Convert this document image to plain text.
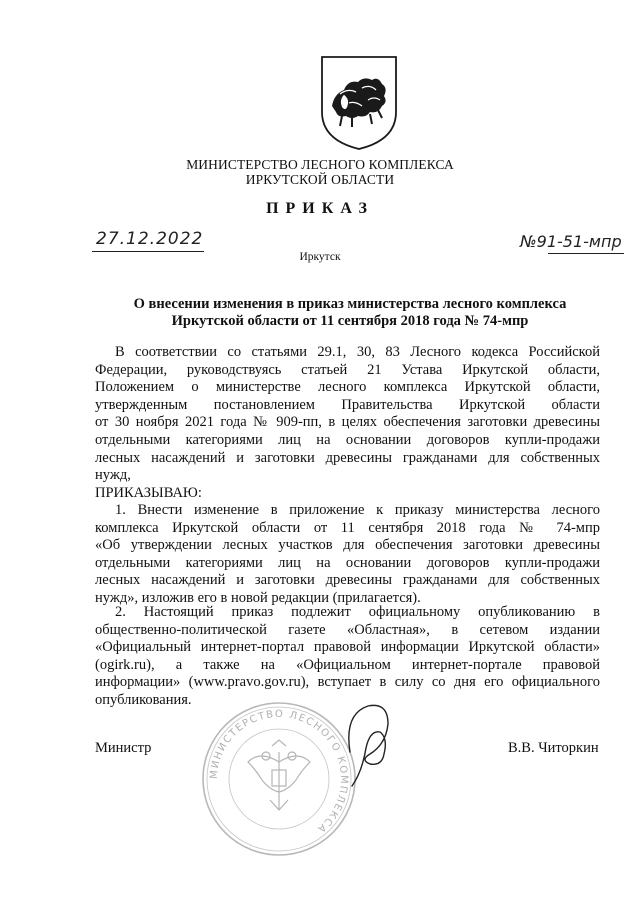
МИНИСТЕРСТВО ЛЕСНОГО КОМПЛЕКСА
ИРКУТСКОЙ ОБЛАСТИ
ПРИКАЗ
27.12.2022	№91-51-мпр
Иркутск
О внесении изменения в приказ министерства лесного комплекса
Иркутской области от 11 сентября 2018 года № 74-мпр
В соответствии со статьями 29.1, 30, 83 Лесного кодекса Российской
Федерации, руководствуясь статьей 21 Устава Иркутской области,
Положением о министерстве лесного комплекса Иркутской области,
утвержденным постановлением Правительства Иркутской области
от 30 ноября 2021 года № 909-пп, в целях обеспечения заготовки древесины
отдельными категориями лиц на основании договоров купли-продажи
лесных насаждений и заготовки древесины гражданами для собственных
нужд,
ПРИКАЗЫВАЮ:
1. Внести изменение в приложение к приказу министерства лесного
комплекса Иркутской области от 11 сентября 2018 года № 74-мпр
«Об утверждении лесных участков для обеспечения заготовки древесины
отдельными категориями лиц на основании договоров купли-продажи
лесных насаждений и заготовки древесины гражданами для собственных
нужд», изложив его в новой редакции (прилагается).
2. Настоящий приказ подлежит официальному опубликованию в
общественно-политической газете «Областная», в сетевом издании
«Официальный интернет-портал правовой информации Иркутской области»
(ogirk.ru), а также на «Официальном интернет-портале правовой
информации» (www.pravo.gov.ru), вступает в силу со дня его официального
опубликования.
МИНИСТЕРСТВО ЛЕСНОГО КОМПЛЕКСА
Министр	В.В. Читоркин
